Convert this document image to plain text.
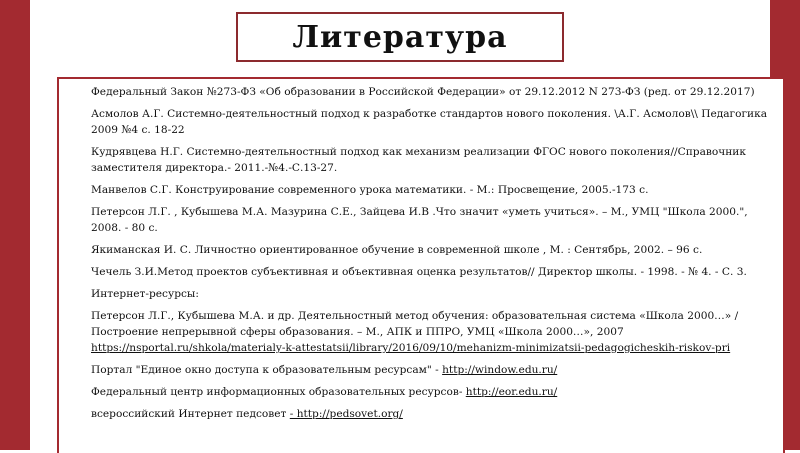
Литература
Федеральный Закон №273-ФЗ «Об образовании в Российской Федерации» от 29.12.2012 N 273-ФЗ (ред. от 29.12.2017)
Асмолов А.Г. Системно-деятельностный подход к разработке стандартов нового поколения. \А.Г. Асмолов\\ Педагогика 2009 №4 с. 18-22
Кудрявцева Н.Г. Системно-деятельностный подход как механизм реализации ФГОС нового поколения//Справочник заместителя директора.- 2011.-№4.-С.13-27.
Манвелов С.Г. Конструирование современного урока математики. - М.: Просвещение, 2005.-173 с.
Петерсон Л.Г. , Кубышева М.А. Мазурина С.Е., Зайцева И.В .Что значит «уметь учиться». – М., УМЦ "Школа 2000.", 2008. - 80 с.
Якиманская И. С. Личностно ориентированное обучение в современной школе , М. : Сентябрь, 2002. – 96 с.
Чечель З.И.Метод проектов субъективная и объективная оценка результатов// Директор школы. - 1998. - № 4. - С. 3.
Интернет-ресурсы:
Петерсон Л.Г., Кубышева М.А. и др. Деятельностный метод обучения: образовательная система «Школа 2000…» / Построение непрерывной сферы образования. – М., АПК и ППРО, УМЦ «Школа 2000…», 2007
https://nsportal.ru/shkola/materialy-k-attestatsii/library/2016/09/10/mehanizm-minimizatsii-pedagogicheskih-riskov-pri
Портал "Единое окно доступа к образовательным ресурсам" - http://window.edu.ru/
Федеральный центр информационных образовательных ресурсов- http://eor.edu.ru/
всероссийский Интернет педсовет - http://pedsovet.org/
